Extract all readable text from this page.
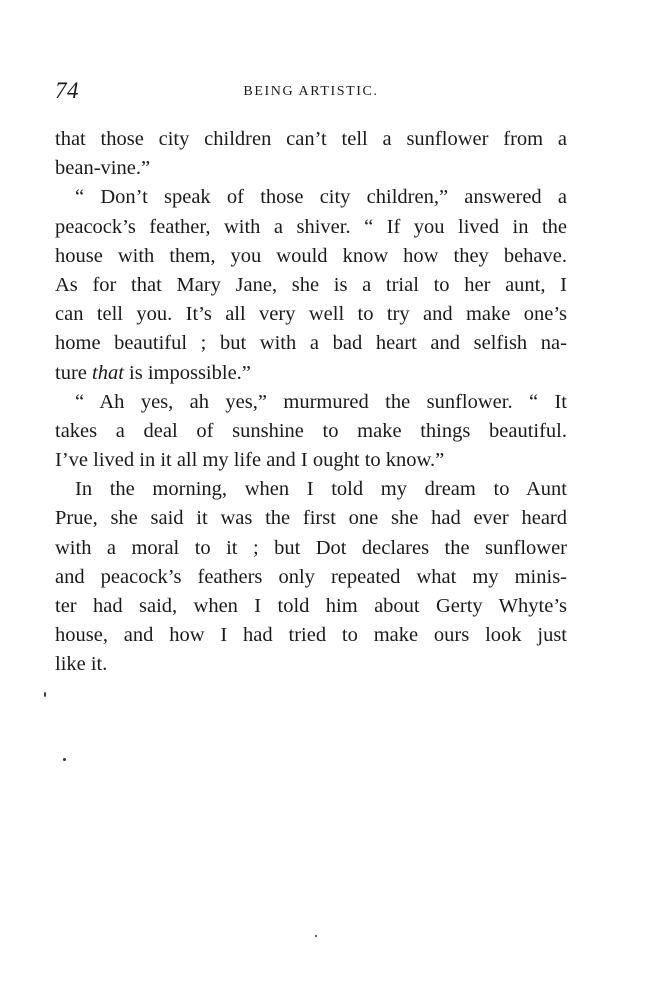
74	BEING ARTISTIC.
that those city children can’t tell a sunflower from a
bean-vine.”
“ Don’t speak of those city children,” answered a
peacock’s feather, with a shiver. “ If you lived in the
house with them, you would know how they behave.
As for that Mary Jane, she is a trial to her aunt, I
can tell you. It’s all very well to try and make one’s
home beautiful ; but with a bad heart and selfish na-
ture that is impossible.”
“ Ah yes, ah yes,” murmured the sunflower. “ It
takes a deal of sunshine to make things beautiful.
I’ve lived in it all my life and I ought to know.”
In the morning, when I told my dream to Aunt
Prue, she said it was the first one she had ever heard
with a moral to it ; but Dot declares the sunflower
and peacock’s feathers only repeated what my minis-
ter had said, when I told him about Gerty Whyte’s
house, and how I had tried to make ours look just
like it.
